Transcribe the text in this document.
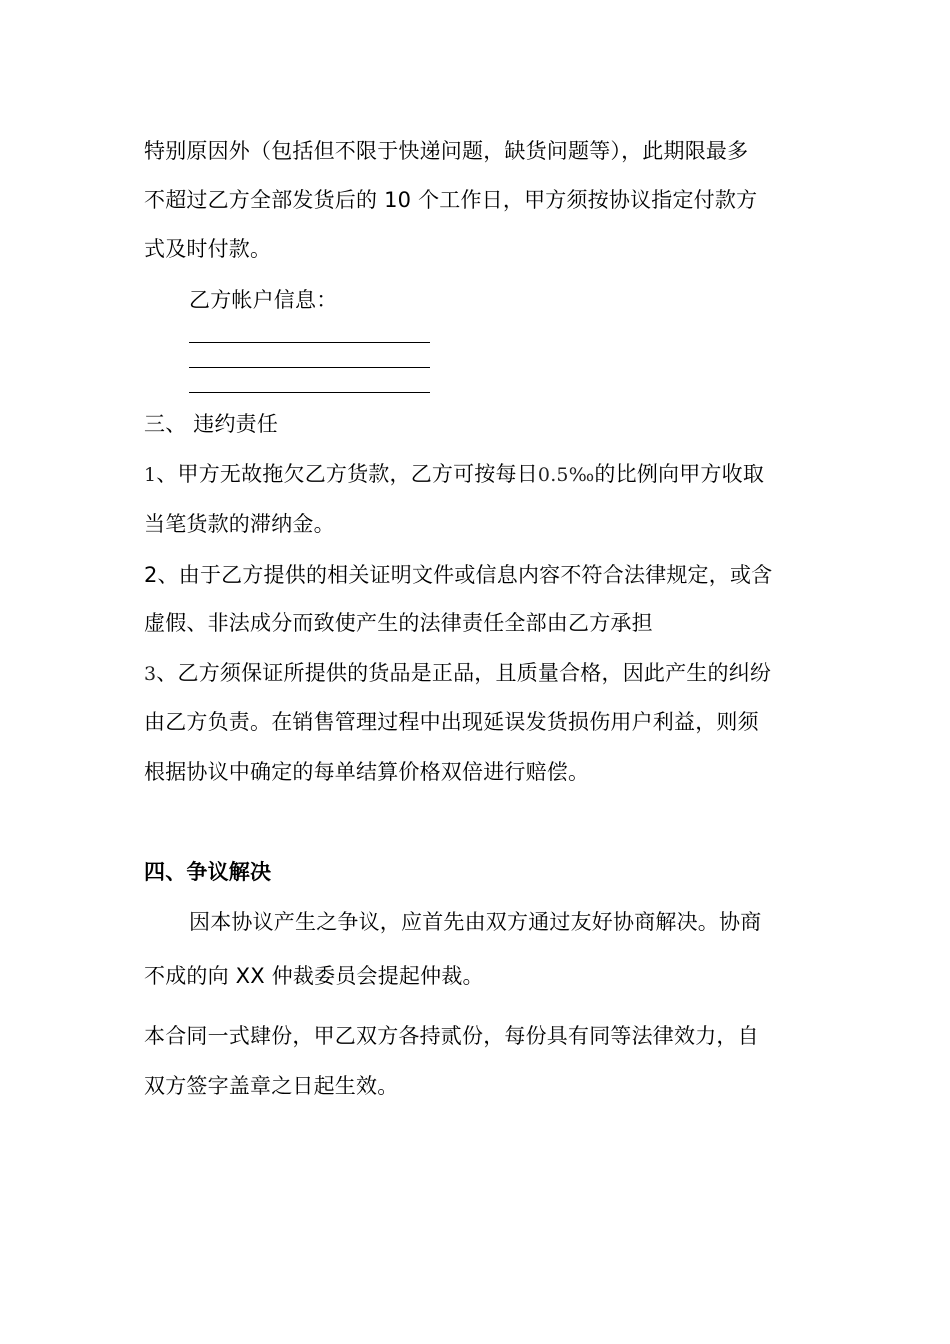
特别原因外（包括但不限于快递问题，缺货问题等），此期限最多
不超过乙方全部发货后的 10 个工作日，甲方须按协议指定付款方
式及时付款。
乙方帐户信息：
三、 违约责任
1、甲方无故拖欠乙方货款，乙方可按每日0.5‰的比例向甲方收取
当笔货款的滞纳金。
2、由于乙方提供的相关证明文件或信息内容不符合法律规定，或含
虚假、非法成分而致使产生的法律责任全部由乙方承担
3、乙方须保证所提供的货品是正品，且质量合格，因此产生的纠纷
由乙方负责。在销售管理过程中出现延误发货损伤用户利益，则须
根据协议中确定的每单结算价格双倍进行赔偿。
四、争议解决
因本协议产生之争议，应首先由双方通过友好协商解决。协商
不成的向 XX 仲裁委员会提起仲裁。
本合同一式肆份，甲乙双方各持贰份，每份具有同等法律效力，自
双方签字盖章之日起生效。
